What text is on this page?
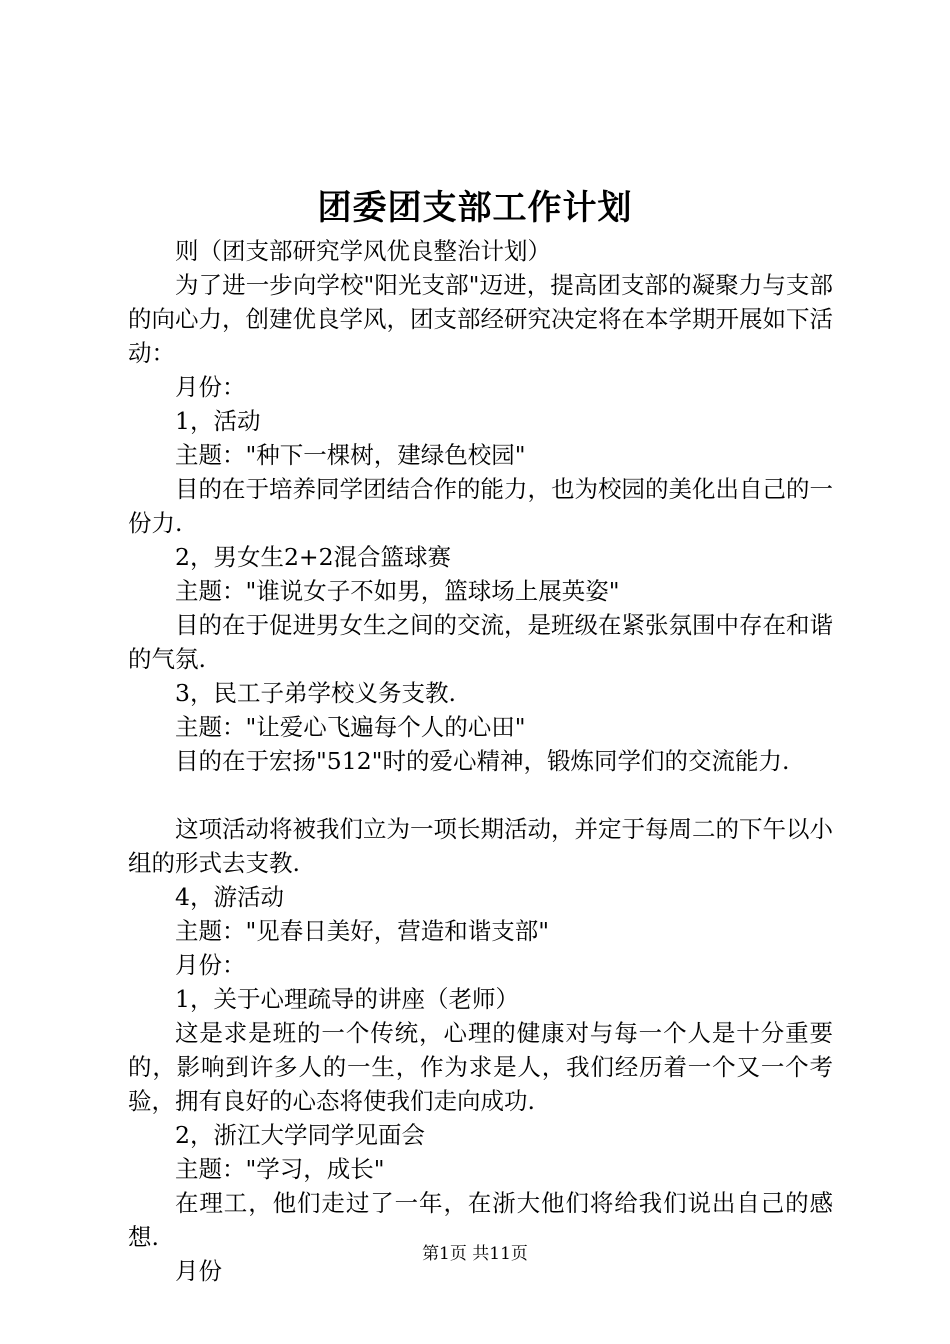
团委团支部工作计划

则（团支部研究学风优良整治计划）

为了进一步向学校"阳光支部"迈进，提高团支部的凝聚力与支部的向心力，创建优良学风，团支部经研究决定将在本学期开展如下活动：

月份：

1，活动

主题："种下一棵树，建绿色校园"

目的在于培养同学团结合作的能力，也为校园的美化出自己的一份力.

2，男女生2+2混合篮球赛

主题："谁说女子不如男，篮球场上展英姿"

目的在于促进男女生之间的交流，是班级在紧张氛围中存在和谐的气氛.

3，民工子弟学校义务支教.

主题："让爱心飞遍每个人的心田"

目的在于宏扬"512"时的爱心精神，锻炼同学们的交流能力.

这项活动将被我们立为一项长期活动，并定于每周二的下午以小组的形式去支教.

4，游活动

主题："见春日美好，营造和谐支部"

月份：

1，关于心理疏导的讲座（老师）

这是求是班的一个传统，心理的健康对与每一个人是十分重要的，影响到许多人的一生，作为求是人，我们经历着一个又一个考验，拥有良好的心态将使我们走向成功.

2，浙江大学同学见面会

主题："学习，成长"

在理工，他们走过了一年，在浙大他们将给我们说出自己的感想.

月份

第1页 共11页
